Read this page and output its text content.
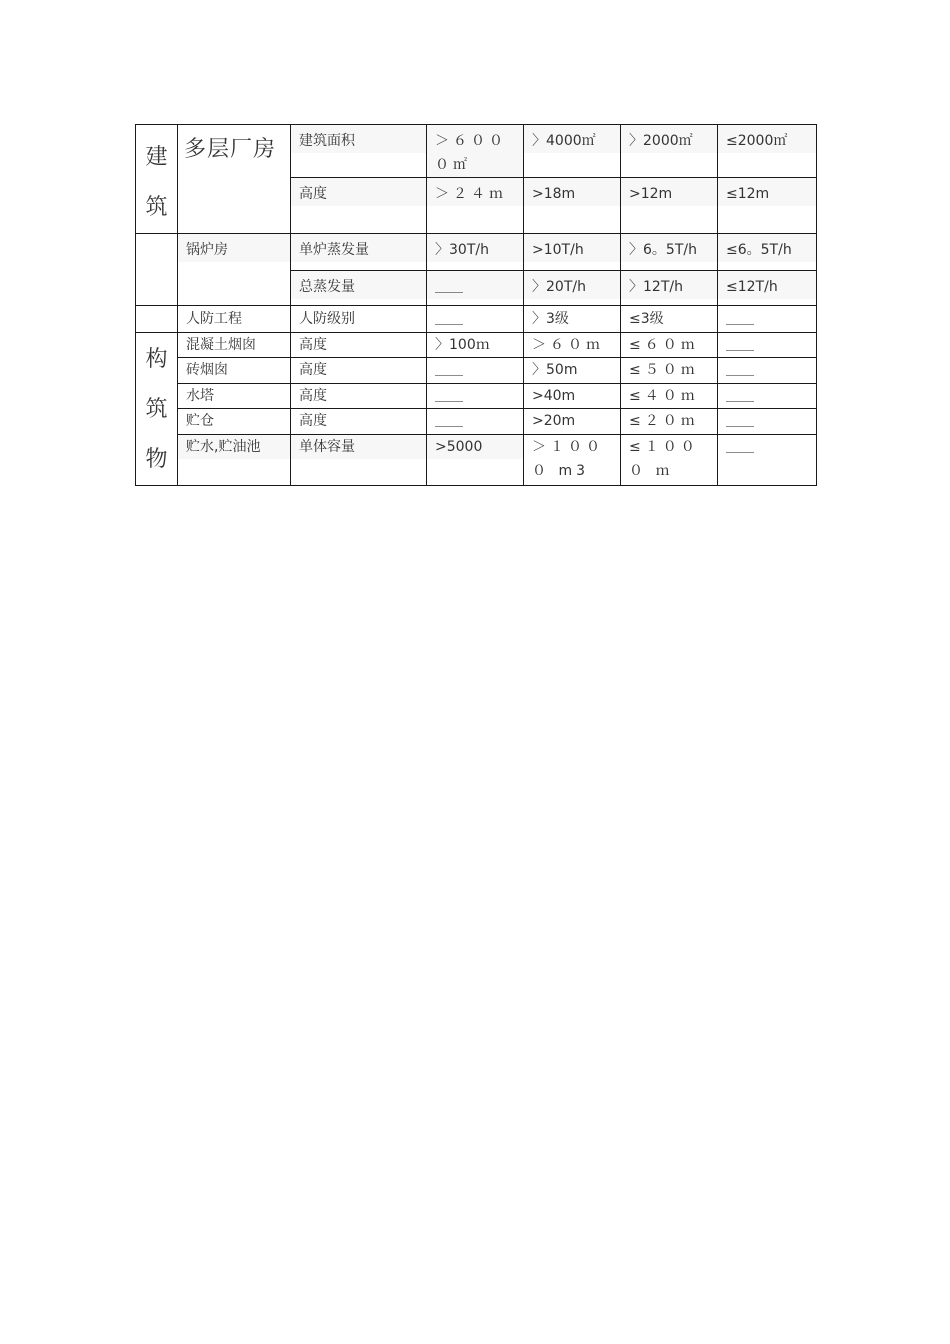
建
筑	多层厂房	建筑面积	＞６０００㎡	〉4000㎡	〉2000㎡	≤2000㎡

		高度	＞２４ｍ	>18m	>12m	≤12m

	锅炉房	单炉蒸发量	〉30T/h	>10T/h	〉6。5T/h	≤6。5T/h

		总蒸发量	＿＿	〉20T/h	〉12T/h	≤12T/h

	人防工程	人防级别	＿＿	〉3级	≤3级	＿＿

构
筑
物	混凝土烟囱	高度	〉100ｍ	＞６０ｍ	≤６０ｍ	＿＿

	砖烟囱	高度	＿＿	〉50m	≤５０ｍ	＿＿

	水塔	高度	＿＿	>40m	≤４０ｍ	＿＿

	贮仓	高度	＿＿	>20m	≤２０ｍ	＿＿

	贮水,贮油池	单体容量	>5000	＞１０００ m3	≤１０００ ｍ	＿＿
